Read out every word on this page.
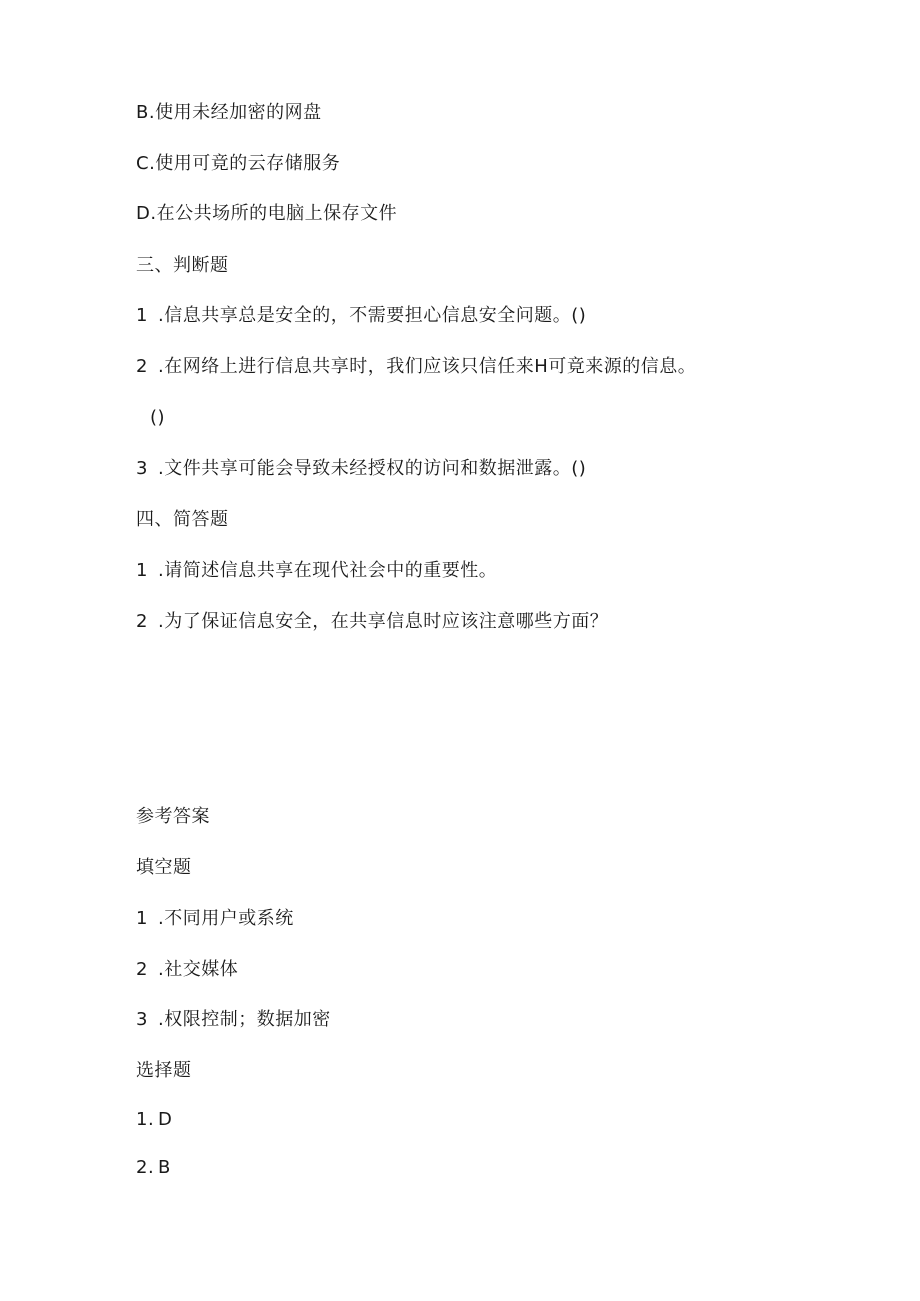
B.使用未经加密的网盘
C.使用可竟的云存储服务
D.在公共场所的电脑上保存文件
三、判断题
1 .信息共享总是安全的，不需要担心信息安全问题。()
2 .在网络上进行信息共享时，我们应该只信任来H可竟来源的信息。
()
3 .文件共享可能会导致未经授权的访问和数据泄露。()
四、简答题
1 .请简述信息共享在现代社会中的重要性。
2 .为了保证信息安全，在共享信息时应该注意哪些方面？
参考答案
填空题
1 .不同用户或系统
2 .社交媒体
3 .权限控制；数据加密
选择题
1. D
2. B
